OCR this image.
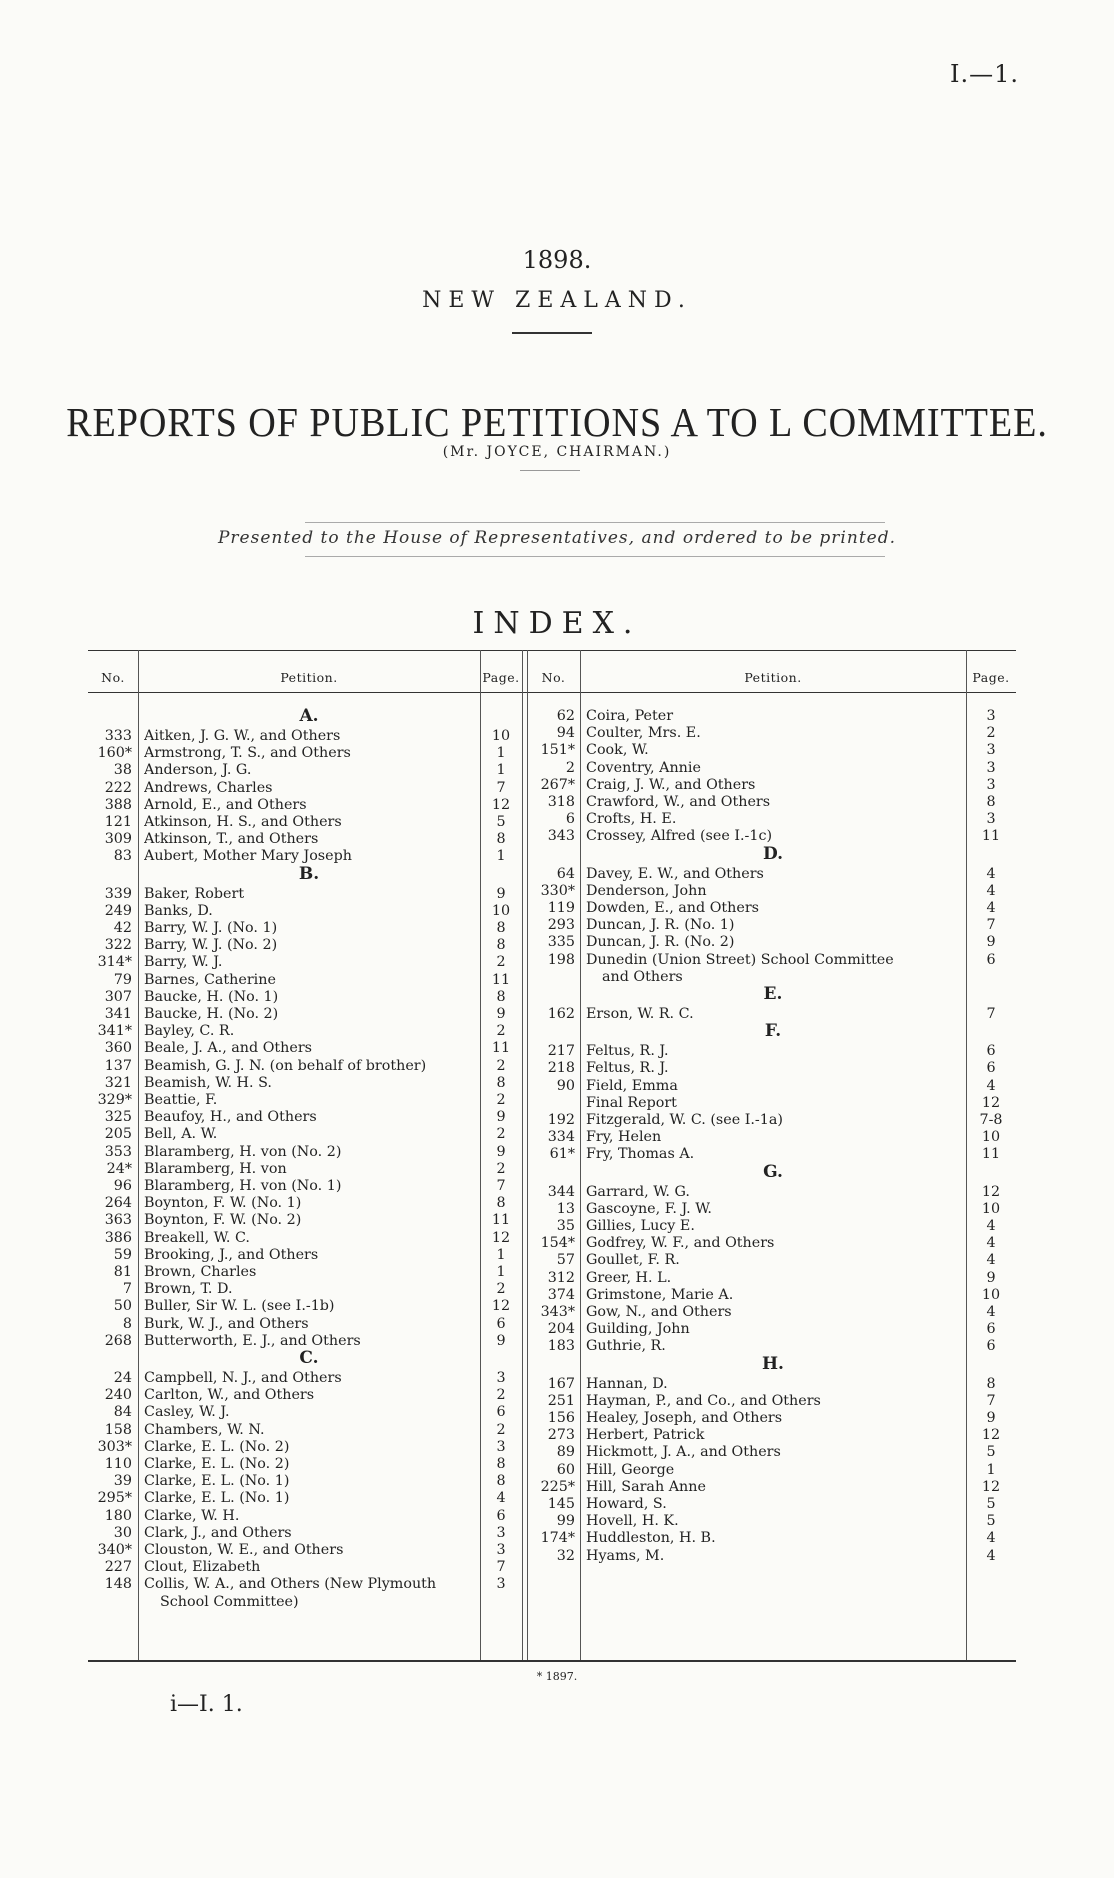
I.—1.
1898.
NEW ZEALAND.
REPORTS OF PUBLIC PETITIONS A TO L COMMITTEE.
(Mr. JOYCE, CHAIRMAN.)
Presented to the House of Representatives, and ordered to be printed.
INDEX.
No.	Petition.	Page.	No.	Petition.	Page.
A.
333 Aitken, J. G. W., and Others	10
160* Armstrong, T. S., and Others	1
38 Anderson, J. G.	1
222 Andrews, Charles	7
388 Arnold, E., and Others	12
121 Atkinson, H. S., and Others	5
309 Atkinson, T., and Others	8
83 Aubert, Mother Mary Joseph	1
B.
339 Baker, Robert	9
249 Banks, D.	10
42 Barry, W. J. (No. 1)	8
322 Barry, W. J. (No. 2)	8
314* Barry, W. J.	2
79 Barnes, Catherine	11
307 Baucke, H. (No. 1)	8
341 Baucke, H. (No. 2)	9
341* Bayley, C. R.	2
360 Beale, J. A., and Others	11
137 Beamish, G. J. N. (on behalf of brother)	2
321 Beamish, W. H. S.	8
329* Beattie, F.	2
325 Beaufoy, H., and Others	9
205 Bell, A. W.	2
353 Blaramberg, H. von (No. 2)	9
24* Blaramberg, H. von	2
96 Blaramberg, H. von (No. 1)	7
264 Boynton, F. W. (No. 1)	8
363 Boynton, F. W. (No. 2)	11
386 Breakell, W. C.	12
59 Brooking, J., and Others	1
81 Brown, Charles	1
7 Brown, T. D.	2
50 Buller, Sir W. L. (see I.-1b)	12
8 Burk, W. J., and Others	6
268 Butterworth, E. J., and Others	9
C.
24 Campbell, N. J., and Others	3
240 Carlton, W., and Others	2
84 Casley, W. J.	6
158 Chambers, W. N.	2
303* Clarke, E. L. (No. 2)	3
110 Clarke, E. L. (No. 2)	8
39 Clarke, E. L. (No. 1)	8
295* Clarke, E. L. (No. 1)	4
180 Clarke, W. H.	6
30 Clark, J., and Others	3
340* Clouston, W. E., and Others	3
227 Clout, Elizabeth	7
148 Collis, W. A., and Others (New Plymouth	3
School Committee)
62 Coira, Peter	3
94 Coulter, Mrs. E.	2
151* Cook, W.	3
2 Coventry, Annie	3
267* Craig, J. W., and Others	3
318 Crawford, W., and Others	8
6 Crofts, H. E.	3
343 Crossey, Alfred (see I.-1c)	11
D.
64 Davey, E. W., and Others	4
330* Denderson, John	4
119 Dowden, E., and Others	4
293 Duncan, J. R. (No. 1)	7
335 Duncan, J. R. (No. 2)	9
198 Dunedin (Union Street) School Committee	6
and Others
E.
162 Erson, W. R. C.	7
F.
217 Feltus, R. J.	6
218 Feltus, R. J.	6
90 Field, Emma	4
Final Report	12
192 Fitzgerald, W. C. (see I.-1a)	7-8
334 Fry, Helen	10
61* Fry, Thomas A.	11
G.
344 Garrard, W. G.	12
13 Gascoyne, F. J. W.	10
35 Gillies, Lucy E.	4
154* Godfrey, W. F., and Others	4
57 Goullet, F. R.	4
312 Greer, H. L.	9
374 Grimstone, Marie A.	10
343* Gow, N., and Others	4
204 Guilding, John	6
183 Guthrie, R.	6
H.
167 Hannan, D.	8
251 Hayman, P., and Co., and Others	7
156 Healey, Joseph, and Others	9
273 Herbert, Patrick	12
89 Hickmott, J. A., and Others	5
60 Hill, George	1
225* Hill, Sarah Anne	12
145 Howard, S.	5
99 Hovell, H. K.	5
174* Huddleston, H. B.	4
32 Hyams, M.	4
* 1897.
i—I. 1.
